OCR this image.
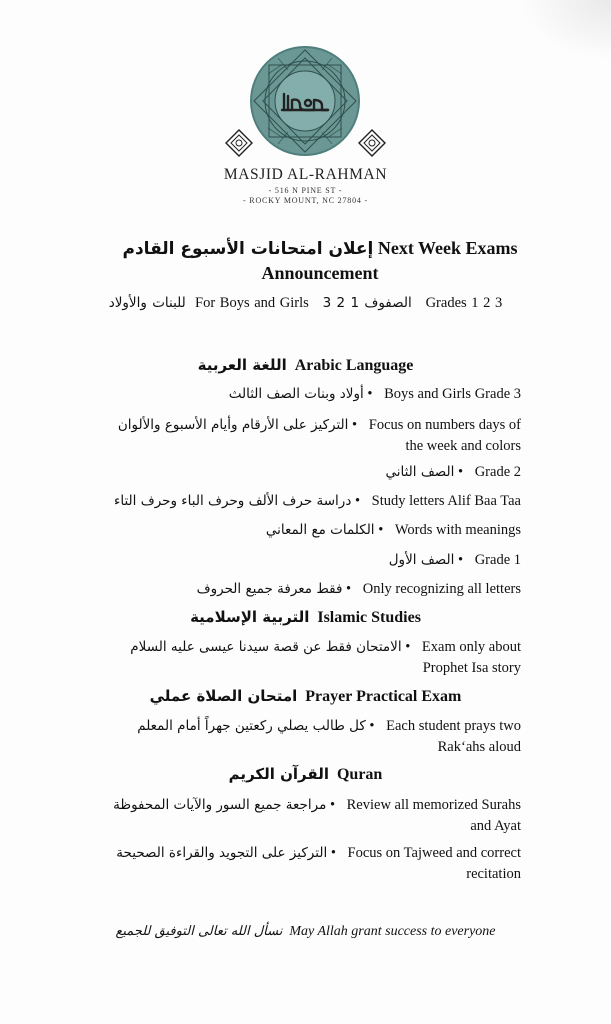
MASJID AL-RAHMAN
- 516 N PINE ST -
- ROCKY MOUNT, NC 27804 -
إعلان امتحانات الأسبوع القادم Next Week Exams Announcement
للبنات والأولاد For Boys and Girls الصفوف 1 2 3 Grades 1 2 3
اللغة العربية Arabic Language
أولاد وبنات الصف الثالث • Boys and Girls Grade 3
التركيز على الأرقام وأيام الأسبوع والألوان • Focus on numbers days of
the week and colors
الصف الثاني • Grade 2
دراسة حرف الألف وحرف الباء وحرف التاء • Study letters Alif Baa Taa
الكلمات مع المعاني • Words with meanings
الصف الأول • Grade 1
فقط معرفة جميع الحروف • Only recognizing all letters
التربية الإسلامية Islamic Studies
الامتحان فقط عن قصة سيدنا عيسى عليه السلام • Exam only about
Prophet Isa story
امتحان الصلاة عملي Prayer Practical Exam
كل طالب يصلي ركعتين جهراً أمام المعلم • Each student prays two
Rak‘ahs aloud
القرآن الكريم Quran
مراجعة جميع السور والآيات المحفوظة • Review all memorized Surahs
and Ayat
التركيز على التجويد والقراءة الصحيحة • Focus on Tajweed and correct
recitation
نسأل الله تعالى التوفيق للجميع May Allah grant success to everyone
